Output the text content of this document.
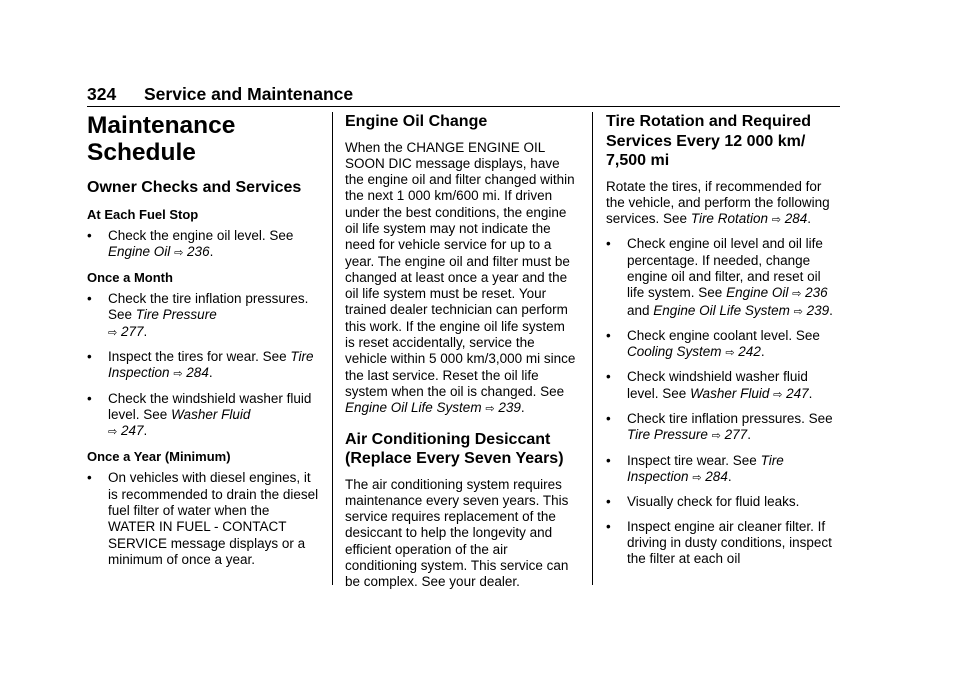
324 Service and Maintenance
Maintenance
Schedule
Owner Checks and Services
At Each Fuel Stop
• Check the engine oil level. See Engine Oil ⇨ 236.
Once a Month
• Check the tire inflation pressures. See Tire Pressure
⇨ 277.
• Inspect the tires for wear. See Tire Inspection ⇨ 284.
• Check the windshield washer fluid level. See Washer Fluid
⇨ 247.
Once a Year (Minimum)
• On vehicles with diesel engines, it is recommended to drain the diesel fuel filter of water when the WATER IN FUEL - CONTACT SERVICE message displays or a minimum of once a year.
Engine Oil Change
When the CHANGE ENGINE OIL SOON DIC message displays, have the engine oil and filter changed within the next 1 000 km/600 mi. If driven under the best conditions, the engine oil life system may not indicate the need for vehicle service for up to a year. The engine oil and filter must be changed at least once a year and the oil life system must be reset. Your trained dealer technician can perform this work. If the engine oil life system is reset accidentally, service the vehicle within 5 000 km/3,000 mi since the last service. Reset the oil life system when the oil is changed. See Engine Oil Life System ⇨ 239.
Air Conditioning Desiccant (Replace Every Seven Years)
The air conditioning system requires maintenance every seven years. This service requires replacement of the desiccant to help the longevity and efficient operation of the air conditioning system. This service can be complex. See your dealer.
Tire Rotation and Required Services Every 12 000 km/ 7,500 mi
Rotate the tires, if recommended for the vehicle, and perform the following services. See Tire Rotation ⇨ 284.
• Check engine oil level and oil life percentage. If needed, change engine oil and filter, and reset oil life system. See Engine Oil ⇨ 236 and Engine Oil Life System ⇨ 239.
• Check engine coolant level. See Cooling System ⇨ 242.
• Check windshield washer fluid level. See Washer Fluid ⇨ 247.
• Check tire inflation pressures. See Tire Pressure ⇨ 277.
• Inspect tire wear. See Tire Inspection ⇨ 284.
• Visually check for fluid leaks.
• Inspect engine air cleaner filter. If driving in dusty conditions, inspect the filter at each oil
